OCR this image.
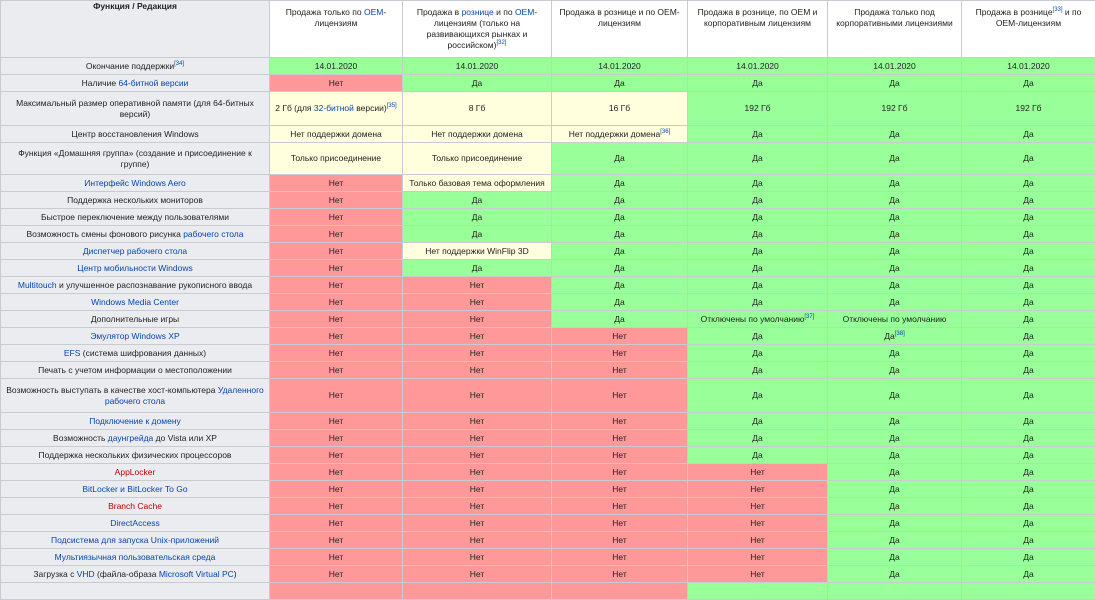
Функция / Редакция	Продажа только по OEM-лицензиям	Продажа в рознице и по OEM-лицензиям (только на развивающихся рынках и российском)[32]	Продажа в рознице и по OEM-лицензиям	Продажа в рознице, по OEM и корпоративным лицензиям	Продажа только под корпоративными лицензиями	Продажа в рознице[33] и по OEM-лицензиям
Окончание поддержки[34]	14.01.2020	14.01.2020	14.01.2020	14.01.2020	14.01.2020	14.01.2020
Наличие 64-битной версии	Нет	Да	Да	Да	Да	Да
Максимальный размер оперативной памяти (для 64-битных версий)	2 Гб (для 32-битной версии)[35]	8 Гб	16 Гб	192 Гб	192 Гб	192 Гб
Центр восстановления Windows	Нет поддержки домена	Нет поддержки домена	Нет поддержки домена[36]	Да	Да	Да
Функция «Домашняя группа» (создание и присоединение к группе)	Только присоединение	Только присоединение	Да	Да	Да	Да
Интерфейс Windows Aero	Нет	Только базовая тема оформления	Да	Да	Да	Да
Поддержка нескольких мониторов	Нет	Да	Да	Да	Да	Да
Быстрое переключение между пользователями	Нет	Да	Да	Да	Да	Да
Возможность смены фонового рисунка рабочего стола	Нет	Да	Да	Да	Да	Да
Диспетчер рабочего стола	Нет	Нет поддержки WinFlip 3D	Да	Да	Да	Да
Центр мобильности Windows	Нет	Да	Да	Да	Да	Да
Multitouch и улучшенное распознавание рукописного ввода	Нет	Нет	Да	Да	Да	Да
Windows Media Center	Нет	Нет	Да	Да	Да	Да
Дополнительные игры	Нет	Нет	Да	Отключены по умолчанию[37]	Отключены по умолчанию	Да
Эмулятор Windows XP	Нет	Нет	Нет	Да	Да[38]	Да
EFS (система шифрования данных)	Нет	Нет	Нет	Да	Да	Да
Печать с учетом информации о местоположении	Нет	Нет	Нет	Да	Да	Да
Возможность выступать в качестве хост-компьютера Удаленного рабочего стола	Нет	Нет	Нет	Да	Да	Да
Подключение к домену	Нет	Нет	Нет	Да	Да	Да
Возможность даунгрейда до Vista или XP	Нет	Нет	Нет	Да	Да	Да
Поддержка нескольких физических процессоров	Нет	Нет	Нет	Да	Да	Да
AppLocker	Нет	Нет	Нет	Нет	Да	Да
BitLocker и BitLocker To Go	Нет	Нет	Нет	Нет	Да	Да
Branch Cache	Нет	Нет	Нет	Нет	Да	Да
DirectAccess	Нет	Нет	Нет	Нет	Да	Да
Подсистема для запуска Unix-приложений	Нет	Нет	Нет	Нет	Да	Да
Мультиязычная пользовательская среда	Нет	Нет	Нет	Нет	Да	Да
Загрузка с VHD (файла-образа Microsoft Virtual PC)	Нет	Нет	Нет	Нет	Да	Да
